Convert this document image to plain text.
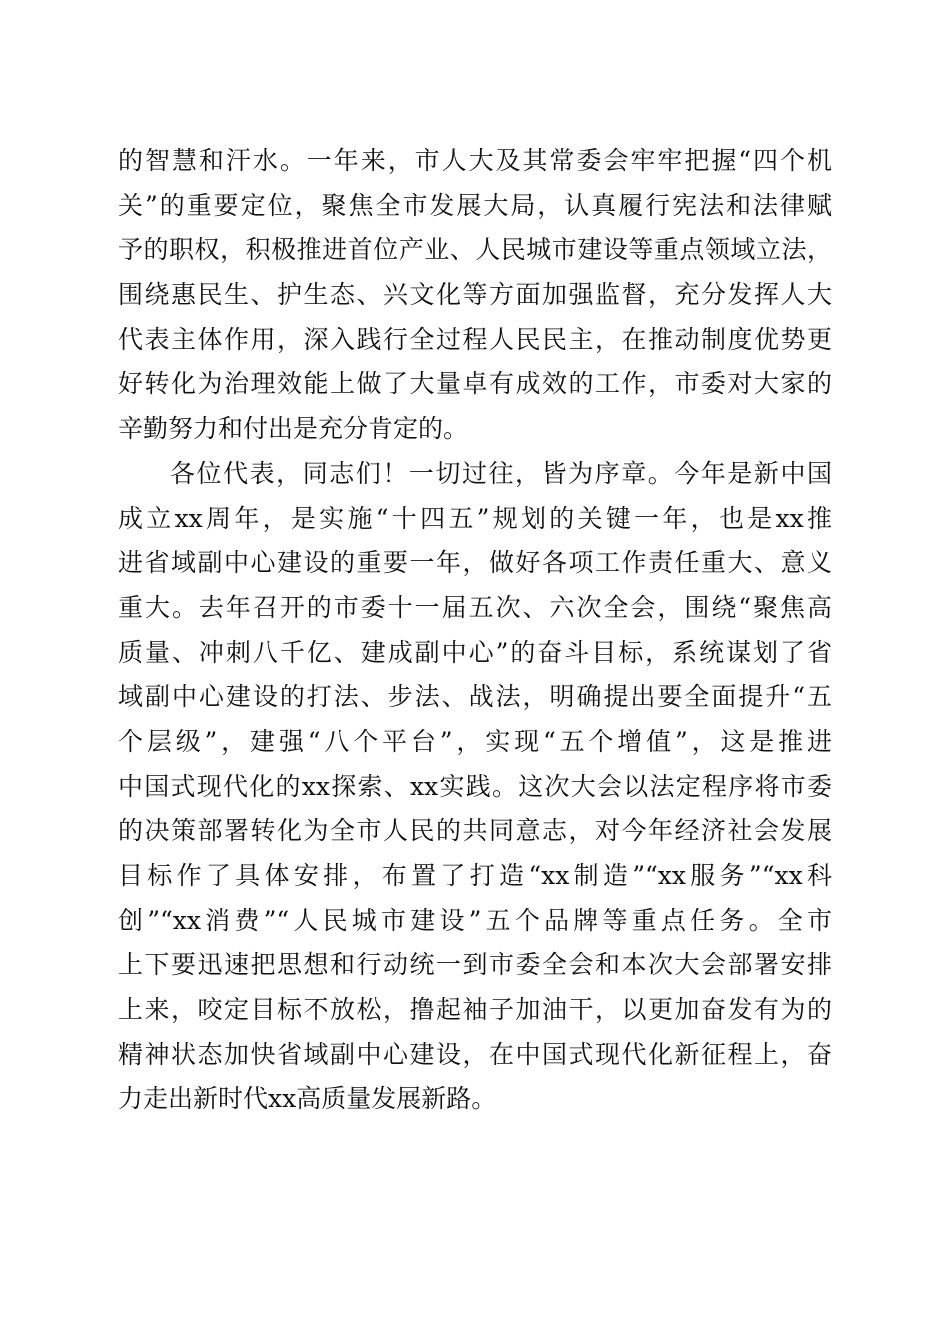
的智慧和汗水。一年来，市人大及其常委会牢牢把握“四个机
关”的重要定位，聚焦全市发展大局，认真履行宪法和法律赋
予的职权，积极推进首位产业、人民城市建设等重点领域立法，
围绕惠民生、护生态、兴文化等方面加强监督，充分发挥人大
代表主体作用，深入践行全过程人民民主，在推动制度优势更
好转化为治理效能上做了大量卓有成效的工作，市委对大家的
辛勤努力和付出是充分肯定的。
各位代表，同志们！一切过往，皆为序章。今年是新中国
成立xx周年，是实施“十四五”规划的关键一年，也是xx推
进省域副中心建设的重要一年，做好各项工作责任重大、意义
重大。去年召开的市委十一届五次、六次全会，围绕“聚焦高
质量、冲刺八千亿、建成副中心”的奋斗目标，系统谋划了省
域副中心建设的打法、步法、战法，明确提出要全面提升“五
个层级”，建强“八个平台”，实现“五个增值”，这是推进
中国式现代化的xx探索、xx实践。这次大会以法定程序将市委
的决策部署转化为全市人民的共同意志，对今年经济社会发展
目标作了具体安排，布置了打造“xx制造”“xx服务”“xx科
创”“xx消费”“人民城市建设”五个品牌等重点任务。全市
上下要迅速把思想和行动统一到市委全会和本次大会部署安排
上来，咬定目标不放松，撸起袖子加油干，以更加奋发有为的
精神状态加快省域副中心建设，在中国式现代化新征程上，奋
力走出新时代xx高质量发展新路。
